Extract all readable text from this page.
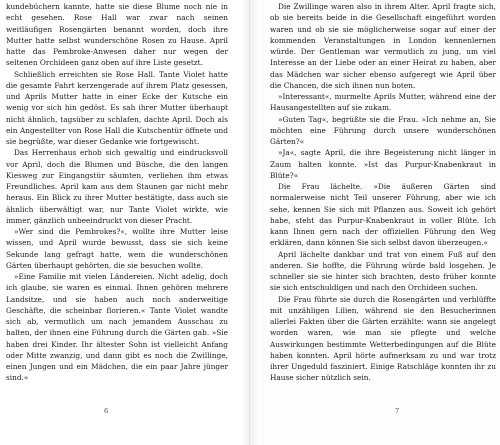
kundebüchern kannte, hatte sie diese Blume noch nie in echt gesehen. Rose Hall war zwar nach seinen weitläufigen Rosengärten benannt worden, doch ihre Mutter hatte selbst wunderschöne Rosen zu Hause. April hatte das Pembroke-Anwesen daher nur wegen der seltenen Orchideen ganz oben auf ihre Liste gesetzt.

Schließlich erreichten sie Rose Hall. Tante Violet hatte die gesamte Fahrt kerzengerade auf ihrem Platz gesessen, und Aprils Mutter hatte in einer Ecke der Kutsche ein wenig vor sich hin gedöst. Es sah ihrer Mutter überhaupt nicht ähnlich, tagsüber zu schlafen, dachte April. Doch als ein Angestellter von Rose Hall die Kutschentür öffnete und sie begrüßte, war dieser Gedanke wie fortgewischt.

Das Herrenhaus erhob sich gewaltig und eindrucksvoll vor April, doch die Blumen und Büsche, die den langen Kiesweg zur Eingangstür säumten, verliehen ihm etwas Freundliches. April kam aus dem Staunen gar nicht mehr heraus. Ein Blick zu ihrer Mutter bestätigte, dass auch sie ähnlich überwältigt war, nur Tante Violet wirkte, wie immer, gänzlich unbeeindruckt von dieser Pracht.

»Wer sind die Pembrokes?«, wollte ihre Mutter leise wissen, und April wurde bewusst, dass sie sich keine Sekunde lang gefragt hatte, wem die wunderschönen Gärten überhaupt gehörten, die sie besuchen wollte.

»Eine Familie mit vielen Ländereien. Nicht adelig, doch ich glaube, sie waren es einmal. Ihnen gehören mehrere Landsitze, und sie haben auch noch anderweitige Geschäfte, die scheinbar florieren.« Tante Violet wandte sich ab, vermutlich um nach jemandem Ausschau zu halten, der ihnen eine Führung durch die Gärten gab. »Sie haben drei Kinder. Ihr ältester Sohn ist vielleicht Anfang oder Mitte zwanzig, und dann gibt es noch die Zwillinge, einen Jungen und ein Mädchen, die ein paar Jahre jünger sind.«

6

Die Zwillinge waren also in ihrem Alter. April fragte sich, ob sie bereits beide in die Gesellschaft eingeführt worden waren und ob sie sie möglicherweise sogar auf einer der kommenden Veranstaltungen in London kennenlernen würde. Der Gentleman war vermutlich zu jung, um viel Interesse an der Liebe oder an einer Heirat zu haben, aber das Mädchen war sicher ebenso aufgeregt wie April über die Chancen, die sich ihnen nun boten.

»Interessant«, murmelte Aprils Mutter, während eine der Hausangestellten auf sie zukam.

»Guten Tag«, begrüßte sie die Frau. »Ich nehme an, Sie möchten eine Führung durch unsere wunderschönen Gärten?«

»Ja«, sagte April, die ihre Begeisterung nicht länger in Zaum halten konnte. »Ist das Purpur-Knabenkraut in Blüte?«

Die Frau lächelte. »Die äußeren Gärten sind normalerweise nicht Teil unserer Führung, aber wie ich sehe, kennen Sie sich mit Pflanzen aus. Soweit ich gehört habe, steht das Purpur-Knabenkraut in voller Blüte. Ich kann Ihnen gern nach der offiziellen Führung den Weg erklären, dann können Sie sich selbst davon überzeugen.«

April lächelte dankbar und trat von einem Fuß auf den anderen. Sie hoffte, die Führung würde bald losgehen. Je schneller sie sie hinter sich brachten, desto früher konnte sie sich entschuldigen und nach den Orchideen suchen.

Die Frau führte sie durch die Rosengärten und verblüffte mit unzähligen Lilien, während sie den Besucherinnen allerlei Fakten über die Gärten erzählte: wann sie angelegt worden waren, wie man sie pflegte und welche Auswirkungen bestimmte Wetterbedingungen auf die Blüte haben konnten. April hörte aufmerksam zu und war trotz ihrer Ungeduld fasziniert. Einige Ratschläge konnten ihr zu Hause sicher nützlich sein.

7
